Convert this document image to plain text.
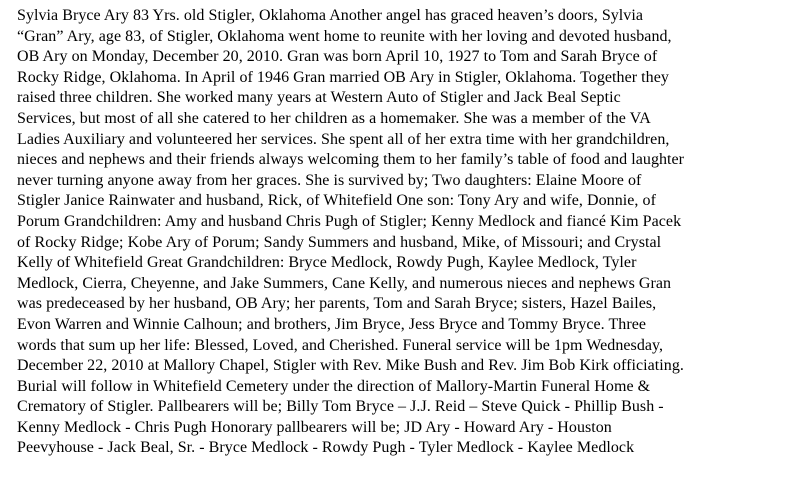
Sylvia Bryce Ary 83 Yrs. old Stigler, Oklahoma Another angel has graced heaven’s doors, Sylvia
“Gran” Ary, age 83, of Stigler, Oklahoma went home to reunite with her loving and devoted husband,
OB Ary on Monday, December 20, 2010. Gran was born April 10, 1927 to Tom and Sarah Bryce of
Rocky Ridge, Oklahoma. In April of 1946 Gran married OB Ary in Stigler, Oklahoma. Together they
raised three children. She worked many years at Western Auto of Stigler and Jack Beal Septic
Services, but most of all she catered to her children as a homemaker. She was a member of the VA
Ladies Auxiliary and volunteered her services. She spent all of her extra time with her grandchildren,
nieces and nephews and their friends always welcoming them to her family’s table of food and laughter
never turning anyone away from her graces. She is survived by; Two daughters: Elaine Moore of
Stigler Janice Rainwater and husband, Rick, of Whitefield One son: Tony Ary and wife, Donnie, of
Porum Grandchildren: Amy and husband Chris Pugh of Stigler; Kenny Medlock and fiancé Kim Pacek
of Rocky Ridge; Kobe Ary of Porum; Sandy Summers and husband, Mike, of Missouri; and Crystal
Kelly of Whitefield Great Grandchildren: Bryce Medlock, Rowdy Pugh, Kaylee Medlock, Tyler
Medlock, Cierra, Cheyenne, and Jake Summers, Cane Kelly, and numerous nieces and nephews Gran
was predeceased by her husband, OB Ary; her parents, Tom and Sarah Bryce; sisters, Hazel Bailes,
Evon Warren and Winnie Calhoun; and brothers, Jim Bryce, Jess Bryce and Tommy Bryce. Three
words that sum up her life: Blessed, Loved, and Cherished. Funeral service will be 1pm Wednesday,
December 22, 2010 at Mallory Chapel, Stigler with Rev. Mike Bush and Rev. Jim Bob Kirk officiating.
Burial will follow in Whitefield Cemetery under the direction of Mallory-Martin Funeral Home &
Crematory of Stigler. Pallbearers will be; Billy Tom Bryce – J.J. Reid – Steve Quick - Phillip Bush -
Kenny Medlock - Chris Pugh Honorary pallbearers will be; JD Ary - Howard Ary - Houston
Peevyhouse - Jack Beal, Sr. - Bryce Medlock - Rowdy Pugh - Tyler Medlock - Kaylee Medlock
